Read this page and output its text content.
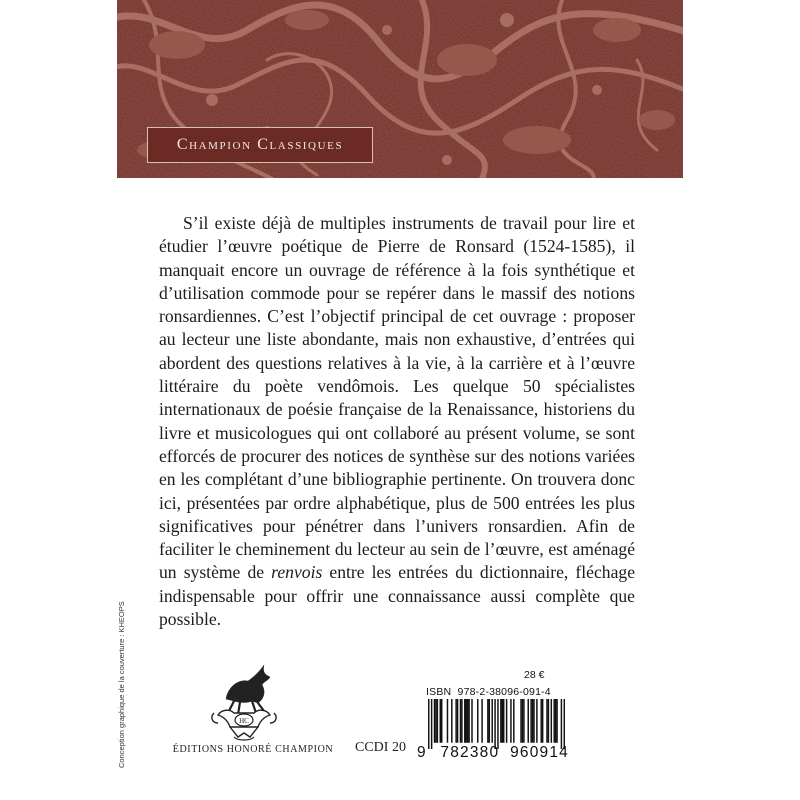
Champion Classiques

S’il existe déjà de multiples instruments de travail pour lire et étudier l’œuvre poétique de Pierre de Ronsard (1524-1585), il manquait encore un ouvrage de référence à la fois synthétique et d’utilisation commode pour se repérer dans le massif des notions ronsardiennes. C’est l’objectif principal de cet ouvrage : proposer au lecteur une liste abondante, mais non exhaustive, d’entrées qui abordent des questions relatives à la vie, à la carrière et à l’œuvre littéraire du poète vendômois. Les quelque 50 spécialistes internationaux de poésie française de la Renaissance, historiens du livre et musicologues qui ont collaboré au présent volume, se sont efforcés de procurer des notices de synthèse sur des notions variées en les complétant d’une bibliographie pertinente. On trouvera donc ici, présentées par ordre alphabétique, plus de 500 entrées les plus significatives pour pénétrer dans l’univers ronsardien. Afin de faciliter le cheminement du lecteur au sein de l’œuvre, est aménagé un système de renvois entre les entrées du dictionnaire, fléchage indispensable pour offrir une connaissance aussi complète que possible.

Conception graphique de la couverture : KHEOPS	HC
ÉDITIONS HONORÉ CHAMPION	CCDI 20
28 €
ISBN  978-2-38096-091-4
9 782380 960914
